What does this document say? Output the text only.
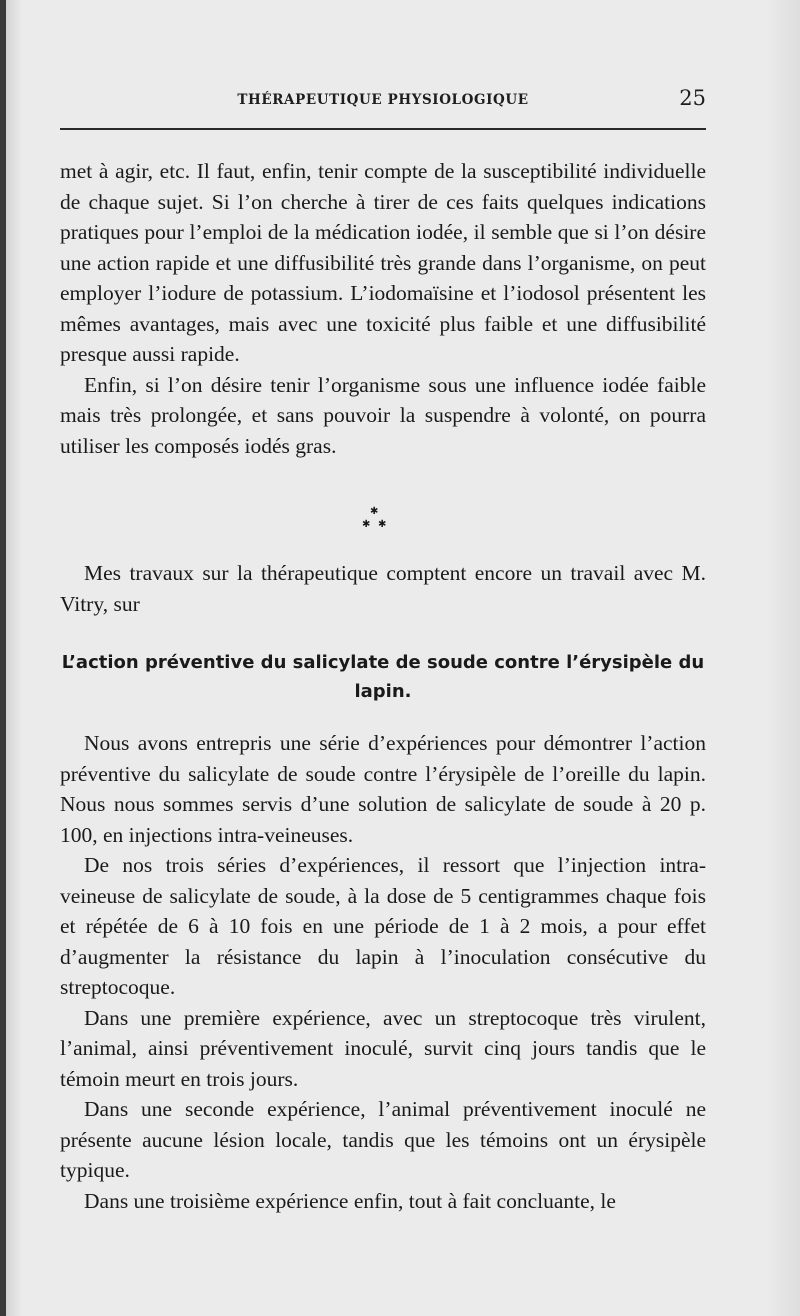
THÉRAPEUTIQUE PHYSIOLOGIQUE	25

met à agir, etc. Il faut, enfin, tenir compte de la susceptibilité individuelle de chaque sujet. Si l’on cherche à tirer de ces faits quelques indications pratiques pour l’emploi de la médication iodée, il semble que si l’on désire une action rapide et une diffusibilité très grande dans l’organisme, on peut employer l’iodure de potassium. L’iodomaïsine et l’iodosol présentent les mêmes avantages, mais avec une toxicité plus faible et une diffusibilité presque aussi rapide.

Enfin, si l’on désire tenir l’organisme sous une influence iodée faible mais très prolongée, et sans pouvoir la suspendre à volonté, on pourra utiliser les composés iodés gras.

✱
✱ ✱

Mes travaux sur la thérapeutique comptent encore un travail avec M. Vitry, sur

L’action préventive du salicylate de soude contre l’érysipèle du lapin.

Nous avons entrepris une série d’expériences pour démontrer l’action préventive du salicylate de soude contre l’érysipèle de l’oreille du lapin. Nous nous sommes servis d’une solution de salicylate de soude à 20 p. 100, en injections intra-veineuses.

De nos trois séries d’expériences, il ressort que l’injection intra-veineuse de salicylate de soude, à la dose de 5 centigrammes chaque fois et répétée de 6 à 10 fois en une période de 1 à 2 mois, a pour effet d’augmenter la résistance du lapin à l’inoculation consécutive du streptocoque.

Dans une première expérience, avec un streptocoque très virulent, l’animal, ainsi préventivement inoculé, survit cinq jours tandis que le témoin meurt en trois jours.

Dans une seconde expérience, l’animal préventivement inoculé ne présente aucune lésion locale, tandis que les témoins ont un érysipèle typique.

Dans une troisième expérience enfin, tout à fait concluante, le
